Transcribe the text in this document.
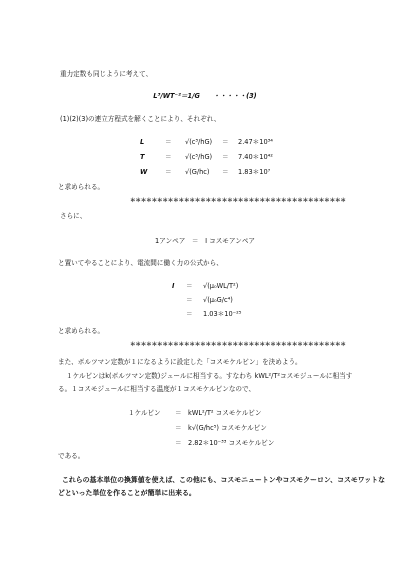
重力定数も同じように考えて、
L³/WT⁻²＝1/G　　・・・・・(3)
(1)(2)(3)の連立方程式を解くことにより、それぞれ、
L	＝ √(c³/hG) ＝ 2.47＊10³⁴
T	＝ √(c⁵/hG) ＝ 7.40＊10⁴²
W	＝ √(G/hc) ＝ 1.83＊10⁷
と求められる。
＊＊＊＊＊＊＊＊＊＊＊＊＊＊＊＊＊＊＊＊＊＊＊＊＊＊＊＊＊＊＊＊＊＊＊＊＊＊＊＊
さらに、
1アンペア　＝　I コスモアンペア
と置いてやることにより、電流間に働く力の公式から、
I ＝ √(μ₀WL/T²)
＝ √(μ₀G/c⁴)
＝ 1.03＊10⁻²⁵
と求められる。
＊＊＊＊＊＊＊＊＊＊＊＊＊＊＊＊＊＊＊＊＊＊＊＊＊＊＊＊＊＊＊＊＊＊＊＊＊＊＊＊
また、ボルツマン定数が１になるように設定した「コスモケルビン」を決めよう。
１ケルビンはk(ボルツマン定数)ジュールに相当する。すなわち kWL²/T²コスモジュールに相当す
る。１コスモジュールに相当する温度が１コスモケルビンなので、
１ケルビン ＝ kWL²/T² コスモケルビン
＝ k√(G/hc⁵) コスモケルビン
＝ 2.82＊10⁻³³ コスモケルビン
である。
これらの基本単位の換算値を使えば、この他にも、コスモニュートンやコスモクーロン、コスモワットな
どといった単位を作ることが簡単に出来る。
